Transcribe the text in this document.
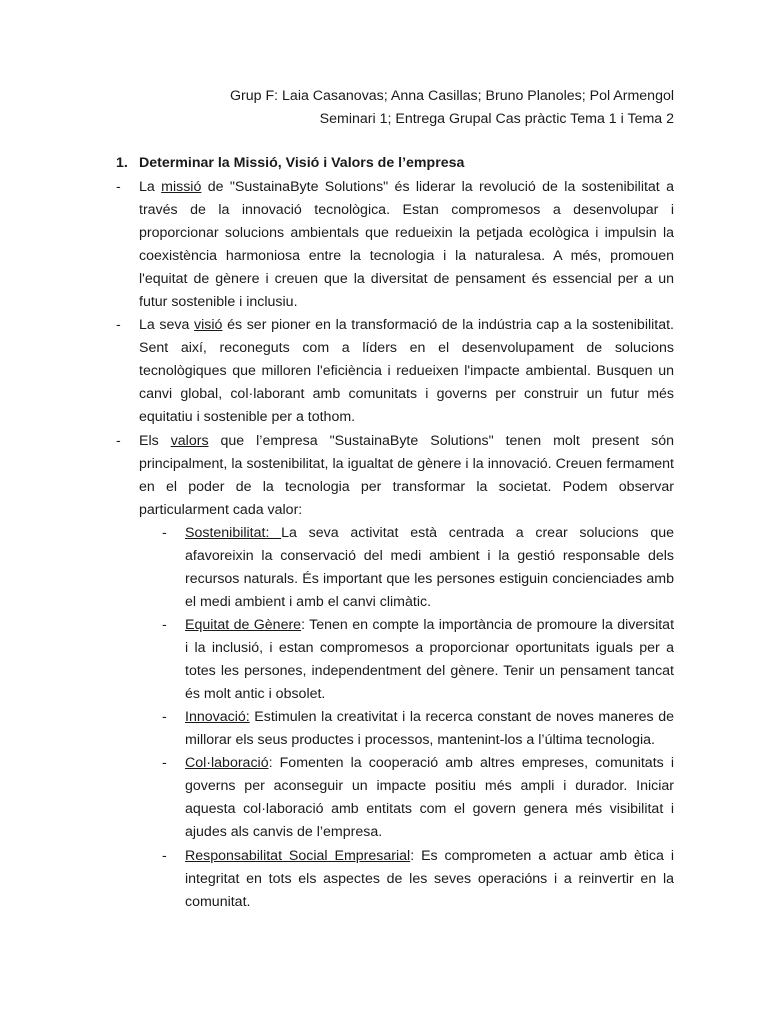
Grup F: Laia Casanovas; Anna Casillas; Bruno Planoles; Pol Armengol
Seminari 1; Entrega Grupal Cas pràctic Tema 1 i Tema 2
1. Determinar la Missió, Visió i Valors de l’empresa
- La missió de "SustainaByte Solutions" és liderar la revolució de la sostenibilitat a través de la innovació tecnològica. Estan compromesos a desenvolupar i proporcionar solucions ambientals que redueixin la petjada ecològica i impulsin la coexistència harmoniosa entre la tecnologia i la naturalesa. A més, promouen l'equitat de gènere i creuen que la diversitat de pensament és essencial per a un futur sostenible i inclusiu.
- La seva visió és ser pioner en la transformació de la indústria cap a la sostenibilitat. Sent així, reconeguts com a líders en el desenvolupament de solucions tecnològiques que milloren l'eficiència i redueixen l'impacte ambiental. Busquen un canvi global, col·laborant amb comunitats i governs per construir un futur més equitatiu i sostenible per a tothom.
- Els valors que l’empresa "SustainaByte Solutions" tenen molt present són principalment, la sostenibilitat, la igualtat de gènere i la innovació. Creuen fermament en el poder de la tecnologia per transformar la societat. Podem observar particularment cada valor:
- Sostenibilitat: La seva activitat està centrada a crear solucions que afavoreixin la conservació del medi ambient i la gestió responsable dels recursos naturals. És important que les persones estiguin concienciades amb el medi ambient i amb el canvi climàtic.
- Equitat de Gènere: Tenen en compte la importància de promoure la diversitat i la inclusió, i estan compromesos a proporcionar oportunitats iguals per a totes les persones, independentment del gènere. Tenir un pensament tancat és molt antic i obsolet.
- Innovació: Estimulen la creativitat i la recerca constant de noves maneres de millorar els seus productes i processos, mantenint-los a l’última tecnologia.
- Col·laboració: Fomenten la cooperació amb altres empreses, comunitats i governs per aconseguir un impacte positiu més ampli i durador. Iniciar aquesta col·laboració amb entitats com el govern genera més visibilitat i ajudes als canvis de l’empresa.
- Responsabilitat Social Empresarial: Es comprometen a actuar amb ètica i integritat en tots els aspectes de les seves operacións i a reinvertir en la comunitat.
